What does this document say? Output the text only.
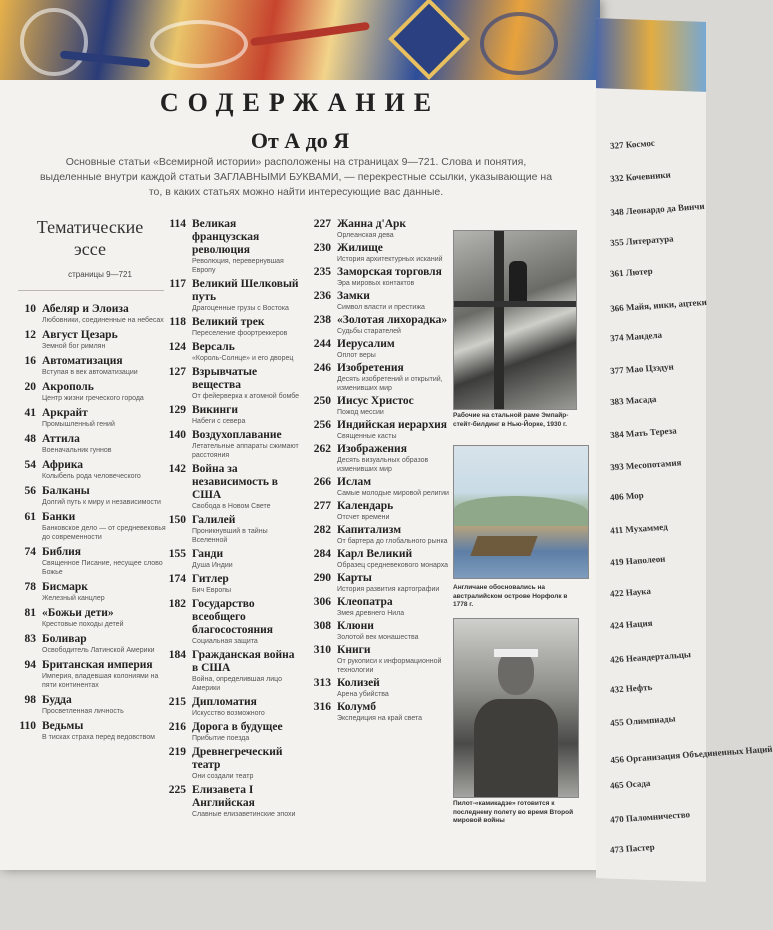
СОДЕРЖАНИЕ
От А до Я
Основные статьи «Всемирной истории» расположены на страницах 9—721. Слова и понятия, выделенные внутри каждой статьи ЗАГЛАВНЫМИ БУКВАМИ, — перекрестные ссылки, указывающие на то, в каких статьях можно найти интересующие вас данные.
Тематические эссе
страницы 9—721
10 Абеляр и Элоиза
Любовники, соединенные на небесах
12 Август Цезарь
Земной бог римлян
16 Автоматизация
Вступая в век автоматизации
20 Акрополь
Центр жизни греческого города
41 Аркрайт
Промышленный гений
48 Аттила
Военачальник гуннов
54 Африка
Колыбель рода человеческого
56 Балканы
Долгий путь к миру и независимости
61 Банки
Банковское дело — от средневековья до современности
74 Библия
Священное Писание, несущее слово Божье
78 Бисмарк
Железный канцлер
81 «Божьи дети»
Крестовые походы детей
83 Боливар
Освободитель Латинской Америки
94 Британская империя
Империя, владевшая колониями на пяти континентах
98 Будда
Просветленная личность
110 Ведьмы
В тисках страха перед ведовством
114 Великая французская революция
Революция, перевернувшая Европу
117 Великий Шелковый путь
Драгоценные грузы с Востока
118 Великий трек
Переселение фоортреккеров
124 Версаль
«Король-Солнце» и его дворец
127 Взрывчатые вещества
От фейерверка к атомной бомбе
129 Викинги
Набеги с севера
140 Воздухоплавание
Летательные аппараты сжимают расстояния
142 Война за независимость в США
Свобода в Новом Свете
150 Галилей
Проникнувший в тайны Вселенной
155 Ганди
Душа Индии
174 Гитлер
Бич Европы
182 Государство всеобщего благосостояния
Социальная защита
184 Гражданская война в США
Война, определившая лицо Америки
215 Дипломатия
Искусство возможного
216 Дорога в будущее
Прибытие поезда
219 Древнегреческий театр
Они создали театр
225 Елизавета I Английская
Славные елизаветинские эпохи
227 Жанна д'Арк
Орлеанская дева
230 Жилище
История архитектурных исканий
235 Заморская торговля
Эра мировых контактов
236 Замки
Символ власти и престижа
238 «Золотая лихорадка»
Судьбы старателей
244 Иерусалим
Оплот веры
246 Изобретения
Десять изобретений и открытий, изменивших мир
250 Иисус Христос
Пожод мессии
256 Индийская иерархия
Священные касты
262 Изображения
Десять визуальных образов изменивших мир
266 Ислам
Самые молодые мировой религии
277 Календарь
Отсчет времени
282 Капитализм
От бартера до глобального рынка
284 Карл Великий
Образец средневекового монарха
290 Карты
История развития картографии
306 Клеопатра
Змея древнего Нила
308 Клюни
Золотой век монашества
310 Книги
От рукописи к информационной технологии
313 Колизей
Арена убийства
316 Колумб
Экспедиция на край света
Рабочие на стальной раме Эмпайр-стейт-билдинг в Нью-Йорке, 1930 г.
Англичане обосновались на австралийском острове Норфолк в 1778 г.
Пилот-«камикадзе» готовится к последнему полету во время Второй мировой войны
327 Космос
332 Кочевники
348 Леонардо да Винчи
355 Литература
361 Лютер
366 Майя, инки, ацтеки
374 Мандела
377 Мао Цзэдун
383 Масада
384 Мать Тереза
393 Месопотамия
406 Мор
411 Мухаммед
419 Наполеон
422 Наука
424 Нация
426 Неандертальцы
432 Нефть
455 Олимпиады
456 Организация Объединенных Наций
465 Осада
470 Паломничество
473 Пастер
